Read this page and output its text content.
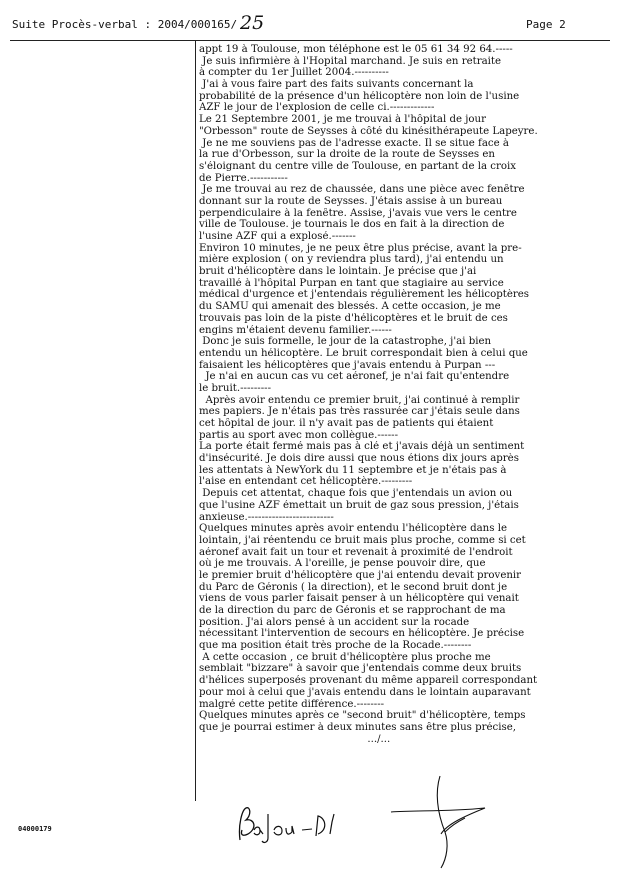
Suite Procès-verbal : 2004/000165/ 25	Page 2
appt 19 à Toulouse, mon téléphone est le 05 61 34 92 64.-----
Je suis infirmière à l'Hopital marchand. Je suis en retraite
à compter du 1er Juillet 2004.----------
J'ai à vous faire part des faits suivants concernant la
probabilité de la présence d'un hélicoptère non loin de l'usine
AZF le jour de l'explosion de celle ci.-------------
Le 21 Septembre 2001, je me trouvai à l'hôpital de jour
"Orbesson" route de Seysses à côté du kinésithérapeute Lapeyre.
Je ne me souviens pas de l'adresse exacte. Il se situe face à
la rue d'Orbesson, sur la droite de la route de Seysses en
s'éloignant du centre ville de Toulouse, en partant de la croix
de Pierre.-----------
Je me trouvai au rez de chaussée, dans une pièce avec fenêtre
donnant sur la route de Seysses. J'étais assise à un bureau
perpendiculaire à la fenêtre. Assise, j'avais vue vers le centre
ville de Toulouse. je tournais le dos en fait à la direction de
l'usine AZF qui a explosé.-------
Environ 10 minutes, je ne peux être plus précise, avant la pre-
mière explosion ( on y reviendra plus tard), j'ai entendu un
bruit d'hélicoptère dans le lointain. Je précise que j'ai
travaillé à l'hôpital Purpan en tant que stagiaire au service
médical d'urgence et j'entendais régulièrement les hélicoptères
du SAMU qui amenait des blessés. A cette occasion, je me
trouvais pas loin de la piste d'hélicoptères et le bruit de ces
engins m'étaient devenu familier.------
Donc je suis formelle, le jour de la catastrophe, j'ai bien
entendu un hélicoptère. Le bruit correspondait bien à celui que
faisaient les hélicoptères que j'avais entendu à Purpan ---
Je n'ai en aucun cas vu cet aéronef, je n'ai fait qu'entendre
le bruit.---------
Après avoir entendu ce premier bruit, j'ai continué à remplir
mes papiers. Je n'étais pas très rassurée car j'étais seule dans
cet hôpital de jour. il n'y avait pas de patients qui étaient
partis au sport avec mon collègue.------
La porte était fermé mais pas à clé et j'avais déjà un sentiment
d'insécurité. Je dois dire aussi que nous étions dix jours après
les attentats à NewYork du 11 septembre et je n'étais pas à
l'aise en entendant cet hélicoptère.---------
Depuis cet attentat, chaque fois que j'entendais un avion ou
que l'usine AZF émettait un bruit de gaz sous pression, j'étais
anxieuse.-------------------------
Quelques minutes après avoir entendu l'hélicoptère dans le
lointain, j'ai réentendu ce bruit mais plus proche, comme si cet
aéronef avait fait un tour et revenait à proximité de l'endroit
où je me trouvais. A l'oreille, je pense pouvoir dire, que
le premier bruit d'hélicoptère que j'ai entendu devait provenir
du Parc de Géronis ( la direction), et le second bruit dont je
viens de vous parler faisait penser à un hélicoptère qui venait
de la direction du parc de Géronis et se rapprochant de ma
position. J'ai alors pensé à un accident sur la rocade
nécessitant l'intervention de secours en hélicoptère. Je précise
que ma position était très proche de la Rocade.--------
A cette occasion , ce bruit d'hélicoptère plus proche me
semblait "bizzare" à savoir que j'entendais comme deux bruits
d'hélices superposés provenant du même appareil correspondant
pour moi à celui que j'avais entendu dans le lointain auparavant
malgré cette petite différence.--------
Quelques minutes après ce "second bruit" d'hélicoptère, temps
que je pourrai estimer à deux minutes sans être plus précise,
.../...
04000179
